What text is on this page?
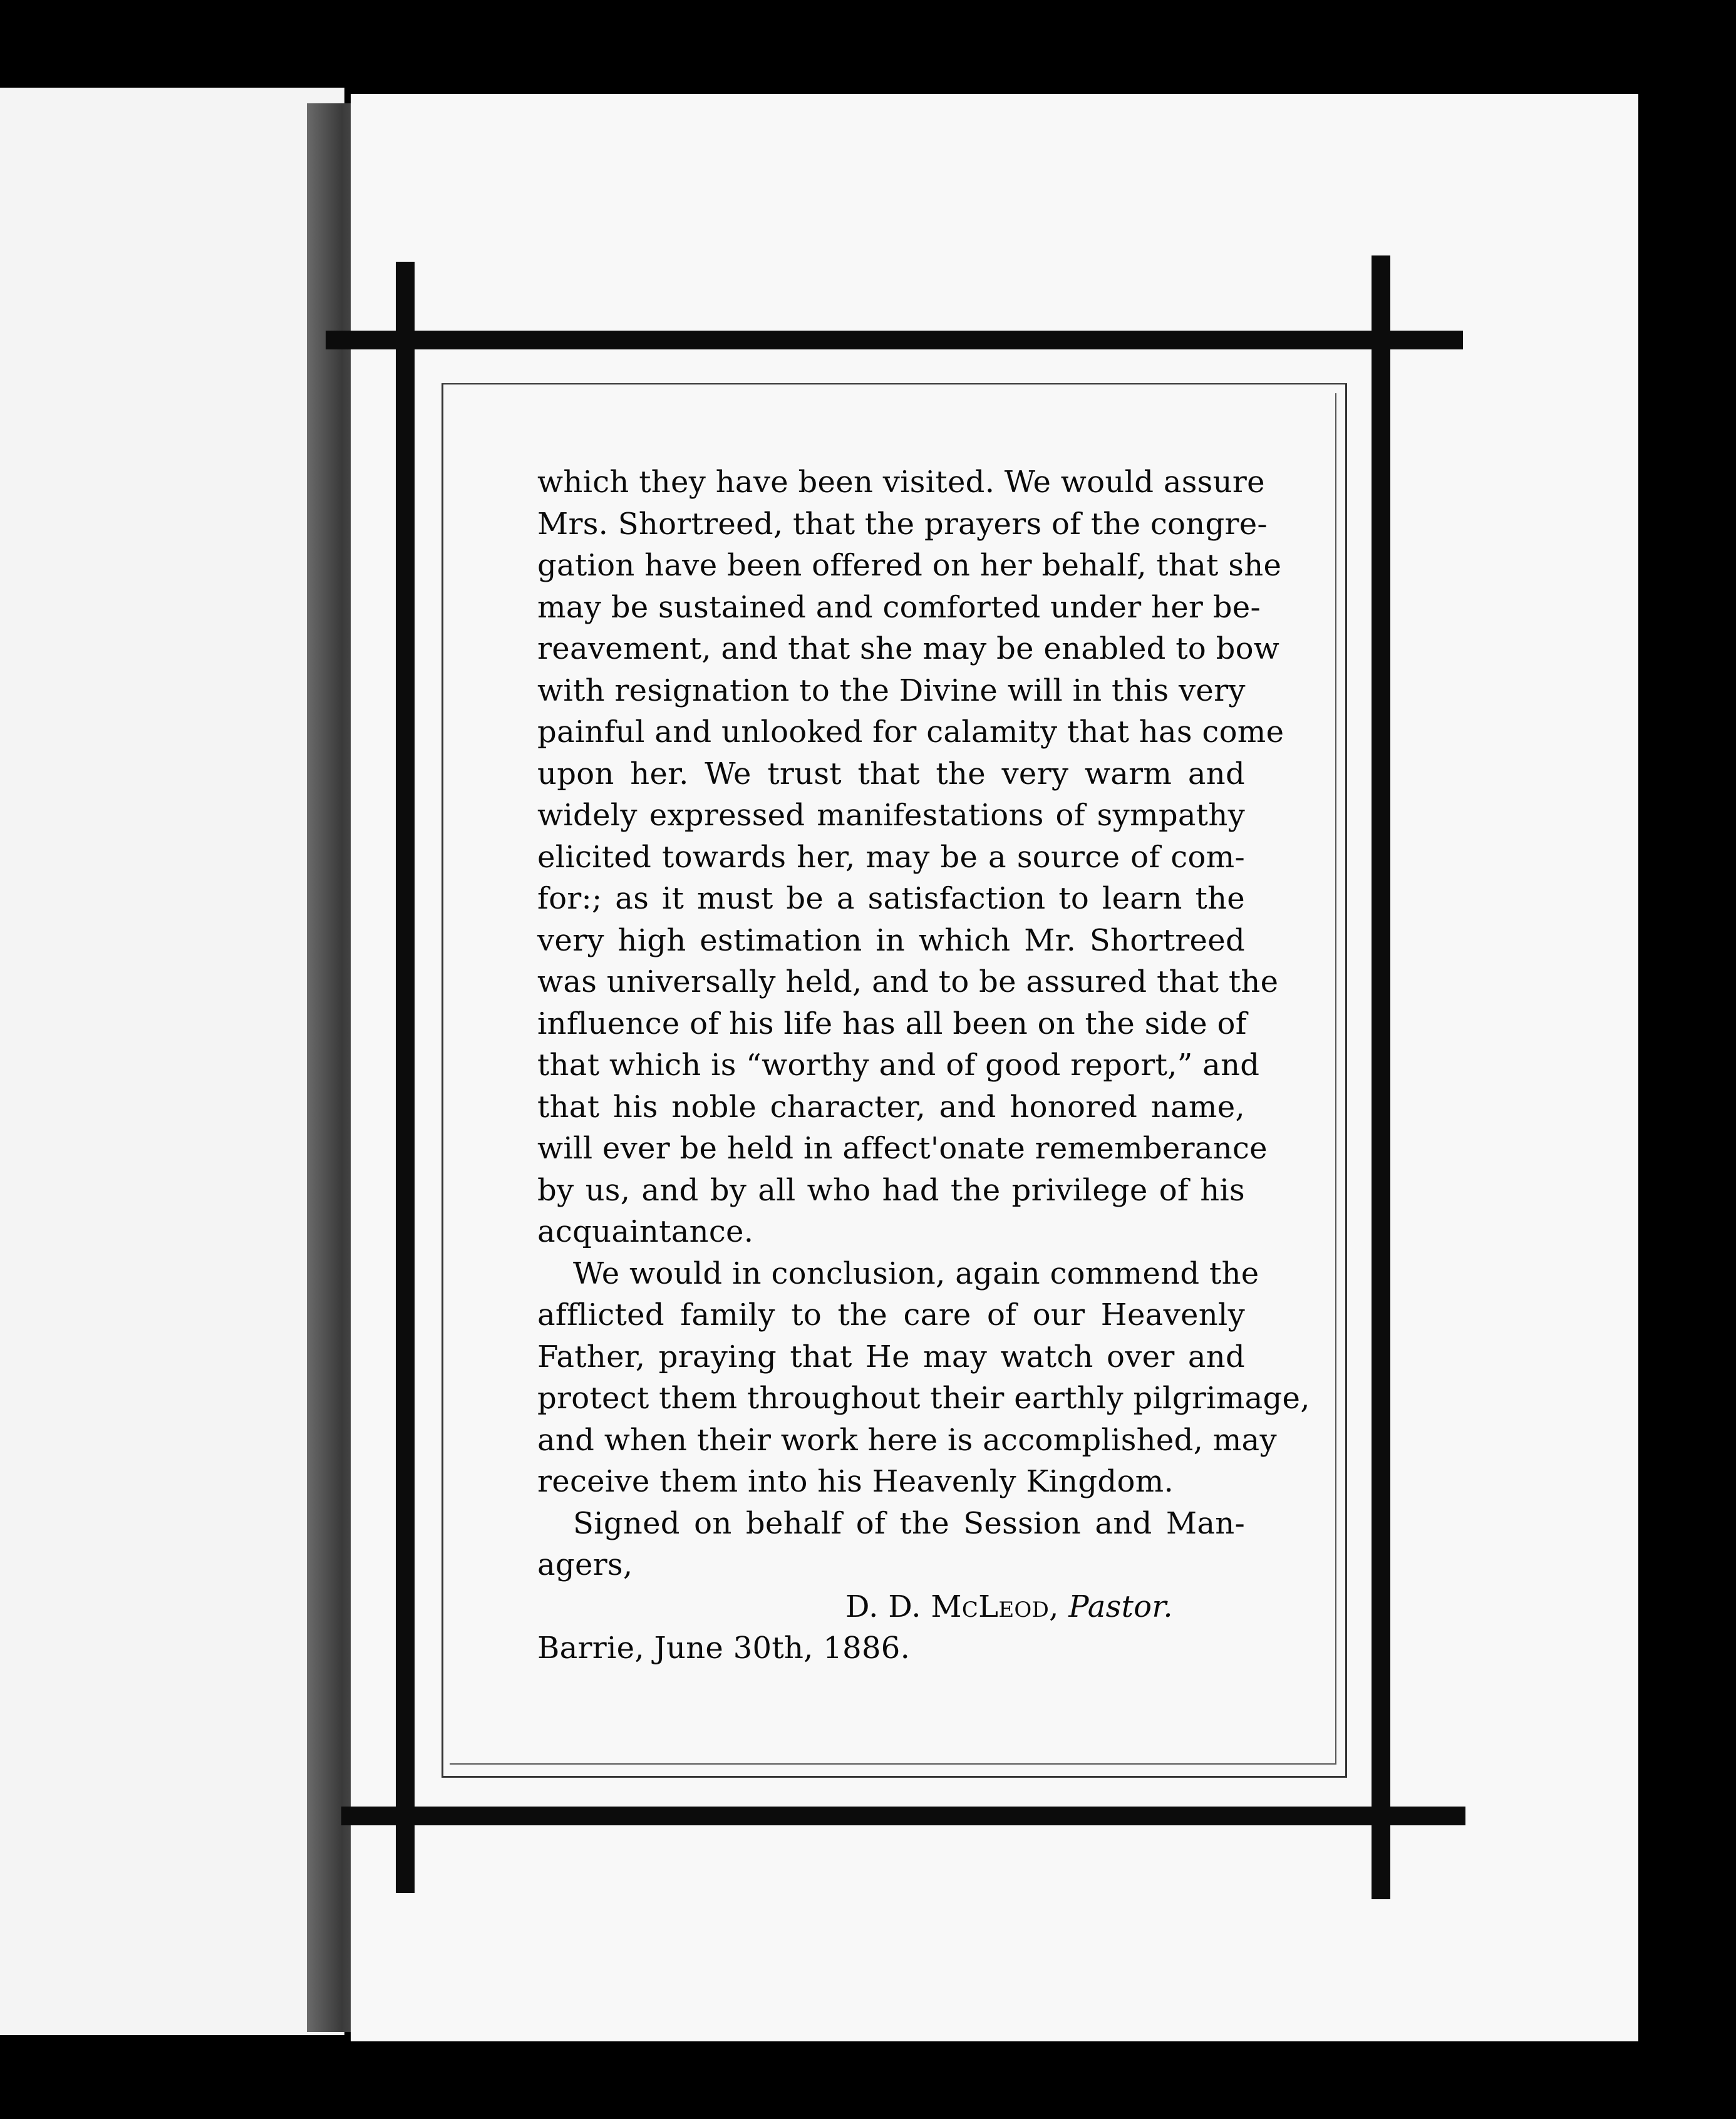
which they have been visited. We would assure
Mrs. Shortreed, that the prayers of the congre-
gation have been offered on her behalf, that she
may be sustained and comforted under her be-
reavement, and that she may be enabled to bow
with resignation to the Divine will in this very
painful and unlooked for calamity that has come
upon her. We trust that the very warm and
widely expressed manifestations of sympathy
elicited towards her, may be a source of com-
for:; as it must be a satisfaction to learn the
very high estimation in which Mr. Shortreed
was universally held, and to be assured that the
influence of his life has all been on the side of
that which is “worthy and of good report,” and
that his noble character, and honored name,
will ever be held in affect'onate rememberance
by us, and by all who had the privilege of his
acquaintance.
We would in conclusion, again commend the
afflicted family to the care of our Heavenly
Father, praying that He may watch over and
protect them throughout their earthly pilgrimage,
and when their work here is accomplished, may
receive them into his Heavenly Kingdom.
Signed on behalf of the Session and Man-
agers,
D. D. McLeod, Pastor.
Barrie, June 30th, 1886.
